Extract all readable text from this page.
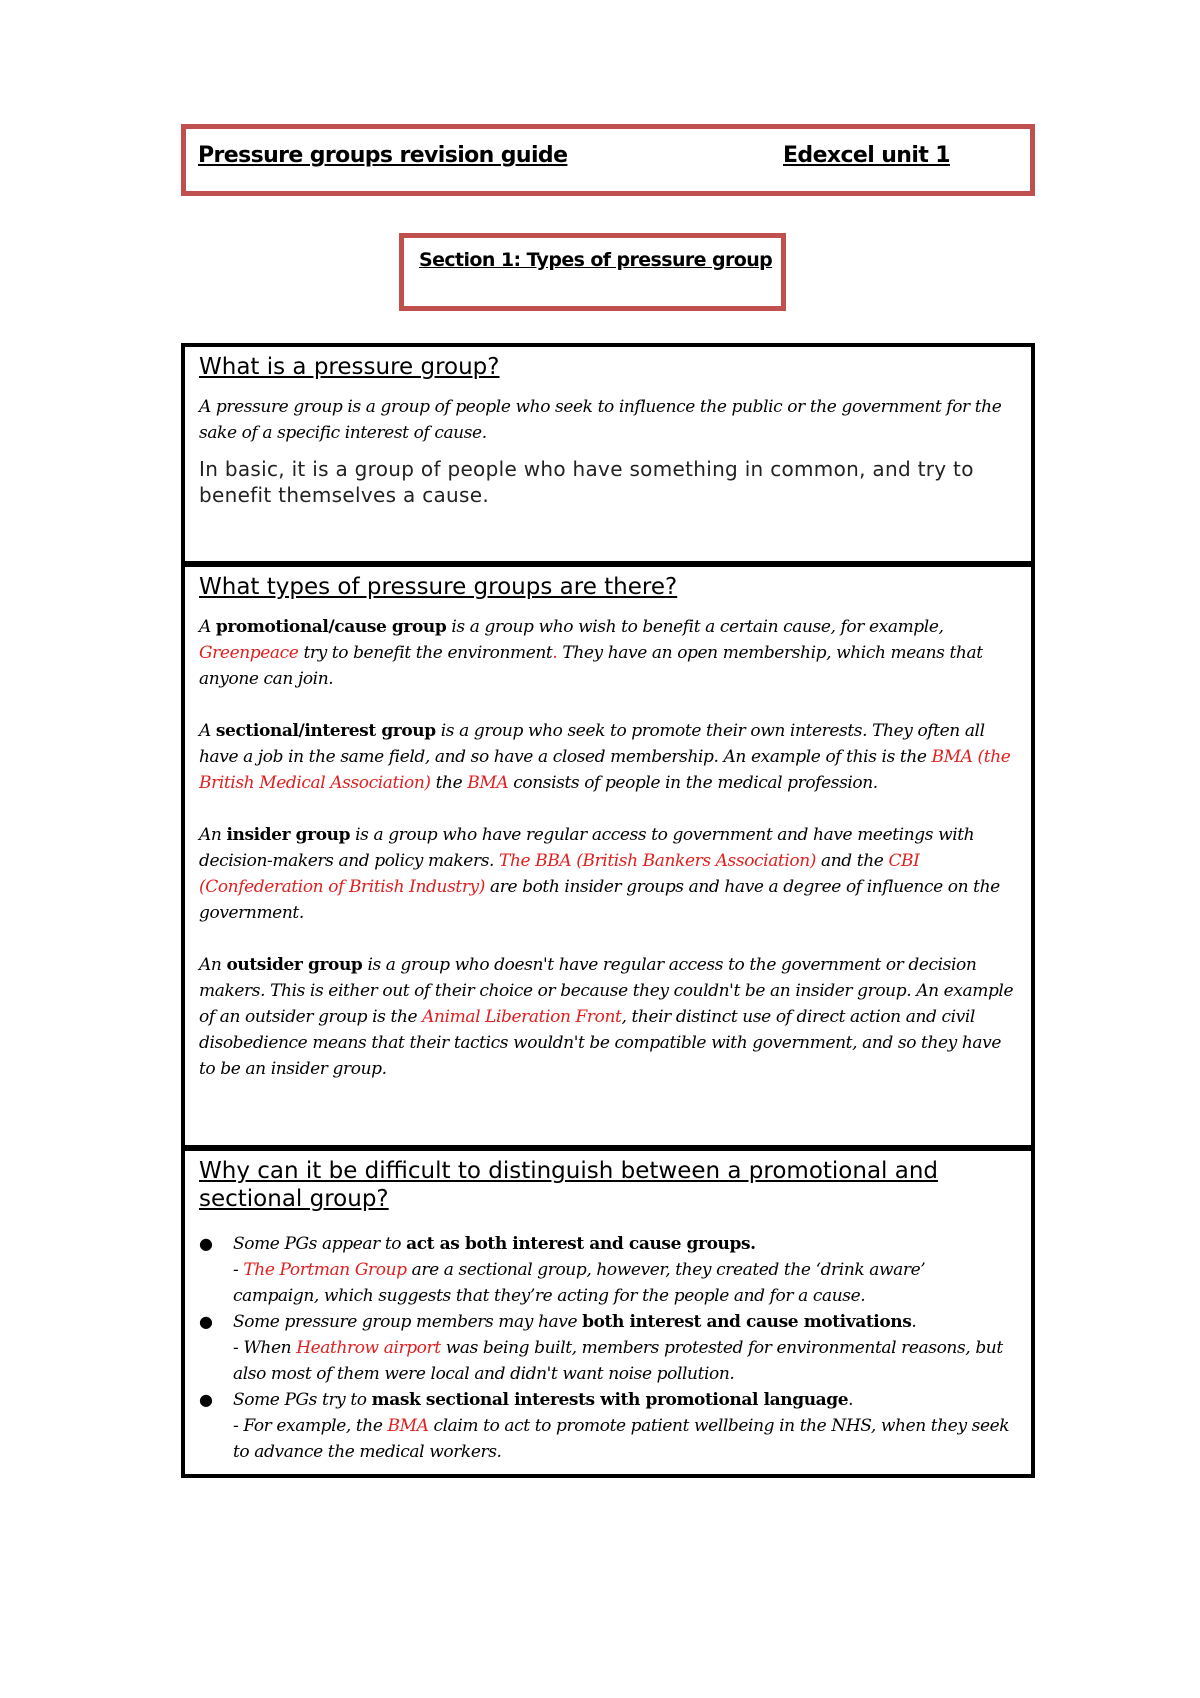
Pressure groups revision guide	Edexcel unit 1
Section 1: Types of pressure group

What is a pressure group?

A pressure group is a group of people who seek to influence the public or the government for the sake of a specific interest of cause.

In basic, it is a group of people who have something in common, and try to benefit themselves a cause.

What types of pressure groups are there?

A promotional/cause group is a group who wish to benefit a certain cause, for example, Greenpeace try to benefit the environment. They have an open membership, which means that anyone can join.

A sectional/interest group is a group who seek to promote their own interests. They often all have a job in the same field, and so have a closed membership. An example of this is the BMA (the British Medical Association) the BMA consists of people in the medical profession.

An insider group is a group who have regular access to government and have meetings with decision-makers and policy makers. The BBA (British Bankers Association) and the CBI (Confederation of British Industry) are both insider groups and have a degree of influence on the government.

An outsider group is a group who doesn't have regular access to the government or decision makers. This is either out of their choice or because they couldn't be an insider group. An example of an outsider group is the Animal Liberation Front, their distinct use of direct action and civil disobedience means that their tactics wouldn't be compatible with government, and so they have to be an insider group.

Why can it be difficult to distinguish between a promotional and sectional group?

● Some PGs appear to act as both interest and cause groups.
- The Portman Group are a sectional group, however, they created the ‘drink aware’ campaign, which suggests that they’re acting for the people and for a cause.
● Some pressure group members may have both interest and cause motivations.
- When Heathrow airport was being built, members protested for environmental reasons, but also most of them were local and didn't want noise pollution.
● Some PGs try to mask sectional interests with promotional language.
- For example, the BMA claim to act to promote patient wellbeing in the NHS, when they seek to advance the medical workers.
